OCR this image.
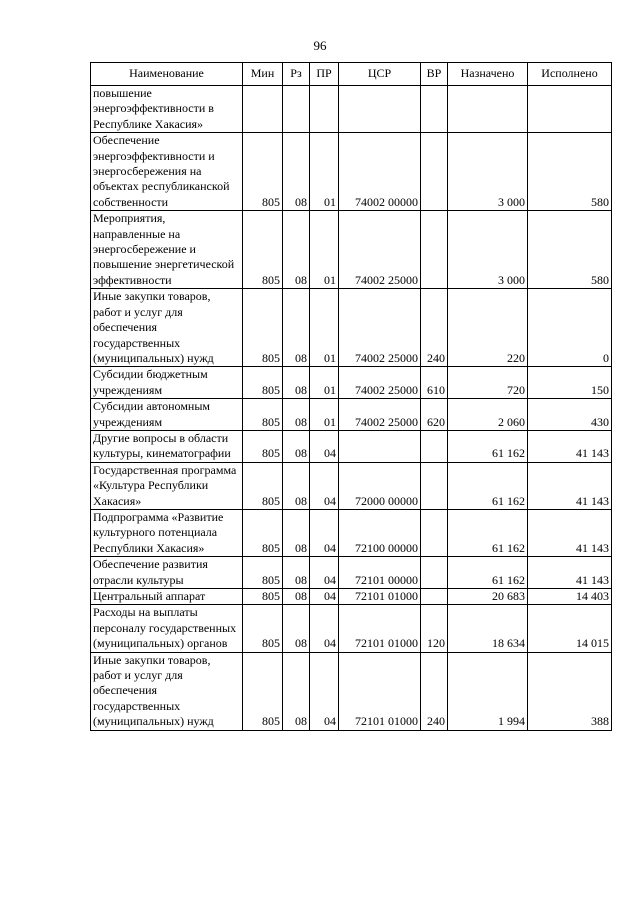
96
Наименование	Мин	Рз	ПР	ЦСР	ВР	Назначено	Исполнено
повышение энергоэффективности в Республике Хакасия»							
Обеспечение энергоэффективности и энергосбережения на объектах республиканской собственности	805	08	01	74002 00000		3 000	580
Мероприятия, направленные на энергосбережение и повышение энергетической эффективности	805	08	01	74002 25000		3 000	580
Иные закупки товаров, работ и услуг для обеспечения государственных (муниципальных) нужд	805	08	01	74002 25000	240	220	0
Субсидии бюджетным учреждениям	805	08	01	74002 25000	610	720	150
Субсидии автономным учреждениям	805	08	01	74002 25000	620	2 060	430
Другие вопросы в области культуры, кинематографии	805	08	04			61 162	41 143
Государственная программа «Культура Республики Хакасия»	805	08	04	72000 00000		61 162	41 143
Подпрограмма «Развитие культурного потенциала Республики Хакасия»	805	08	04	72100 00000		61 162	41 143
Обеспечение развития отрасли культуры	805	08	04	72101 00000		61 162	41 143
Центральный аппарат	805	08	04	72101 01000		20 683	14 403
Расходы на выплаты персоналу государственных (муниципальных) органов	805	08	04	72101 01000	120	18 634	14 015
Иные закупки товаров, работ и услуг для обеспечения государственных (муниципальных) нужд	805	08	04	72101 01000	240	1 994	388
